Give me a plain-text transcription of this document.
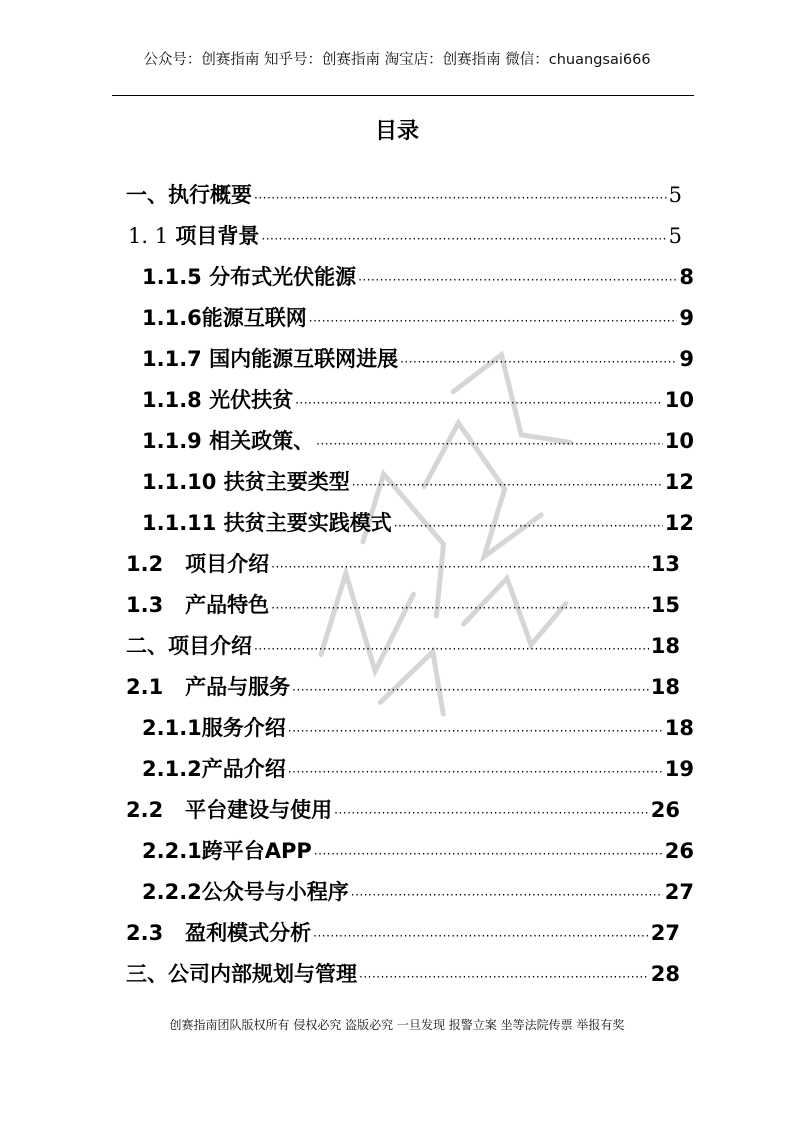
公众号：创赛指南 知乎号：创赛指南 淘宝店：创赛指南 微信：chuangsai666
目录
一、执行概要 ·····	5
1. 1 项目背景 ·····	5
1.1.5 分布式光伏能源 ·····	8
1.1.6能源互联网 ·····	9
1.1.7 国内能源互联网进展 ·····	9
1.1.8 光伏扶贫 ·····	10
1.1.9 相关政策、 ·····	10
1.1.10 扶贫主要类型 ·····	12
1.1.11 扶贫主要实践模式 ·····	12
1.2   项目介绍 ·····	13
1.3   产品特色 ·····	15
二、项目介绍 ·····	18
2.1   产品与服务 ·····	18
2.1.1服务介绍 ·····	18
2.1.2产品介绍 ·····	19
2.2   平台建设与使用 ·····	26
2.2.1跨平台APP ·····	26
2.2.2公众号与小程序 ·····	27
2.3   盈利模式分析 ·····	27
三、公司内部规划与管理 ·····	28
创赛指南团队版权所有 侵权必究 盗版必究 一旦发现 报警立案 坐等法院传票 举报有奖
